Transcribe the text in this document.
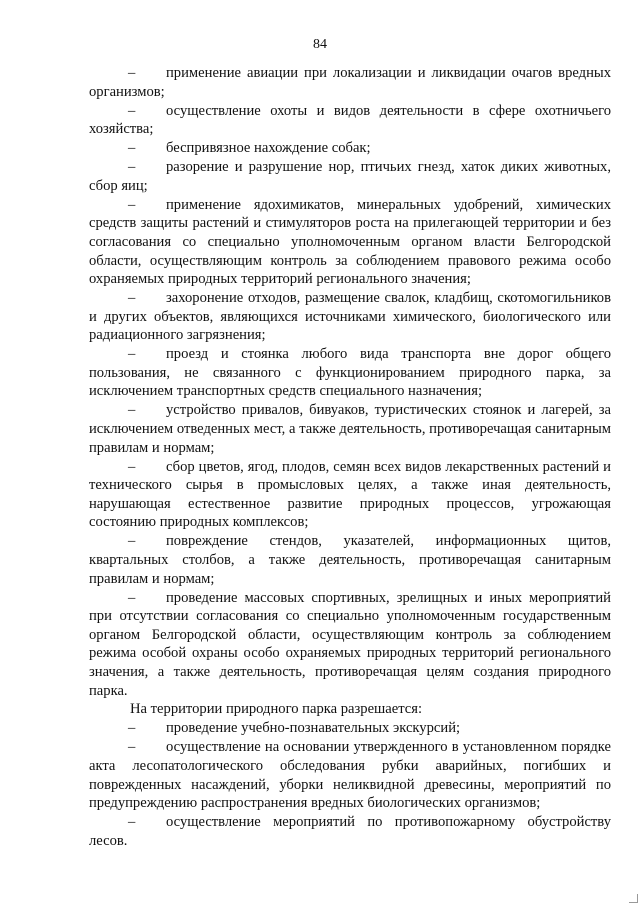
84

– применение авиации при локализации и ликвидации очагов вредных организмов;

– осуществление охоты и видов деятельности в сфере охотничьего хозяйства;

– беспривязное нахождение собак;

– разорение и разрушение нор, птичьих гнезд, хаток диких животных, сбор яиц;

– применение ядохимикатов, минеральных удобрений, химических средств защиты растений и стимуляторов роста на прилегающей территории и без согласования со специально уполномоченным органом власти Белгородской области, осуществляющим контроль за соблюдением правового режима особо охраняемых природных территорий регионального значения;

– захоронение отходов, размещение свалок, кладбищ, скотомогильников и других объектов, являющихся источниками химического, биологического или радиационного загрязнения;

– проезд и стоянка любого вида транспорта вне дорог общего пользования, не связанного с функционированием природного парка, за исключением транспортных средств специального назначения;

– устройство привалов, бивуаков, туристических стоянок и лагерей, за исключением отведенных мест, а также деятельность, противоречащая санитарным правилам и нормам;

– сбор цветов, ягод, плодов, семян всех видов лекарственных растений и технического сырья в промысловых целях, а также иная деятельность, нарушающая естественное развитие природных процессов, угрожающая состоянию природных комплексов;

– повреждение стендов, указателей, информационных щитов, квартальных столбов, а также деятельность, противоречащая санитарным правилам и нормам;

– проведение массовых спортивных, зрелищных и иных мероприятий при отсутствии согласования со специально уполномоченным государственным органом Белгородской области, осуществляющим контроль за соблюдением режима особой охраны особо охраняемых природных территорий регионального значения, а также деятельность, противоречащая целям создания природного парка.

На территории природного парка разрешается:

– проведение учебно-познавательных экскурсий;

– осуществление на основании утвержденного в установленном порядке акта лесопатологического обследования рубки аварийных, погибших и поврежденных насаждений, уборки неликвидной древесины, мероприятий по предупреждению распространения вредных биологических организмов;

– осуществление мероприятий по противопожарному обустройству лесов.
